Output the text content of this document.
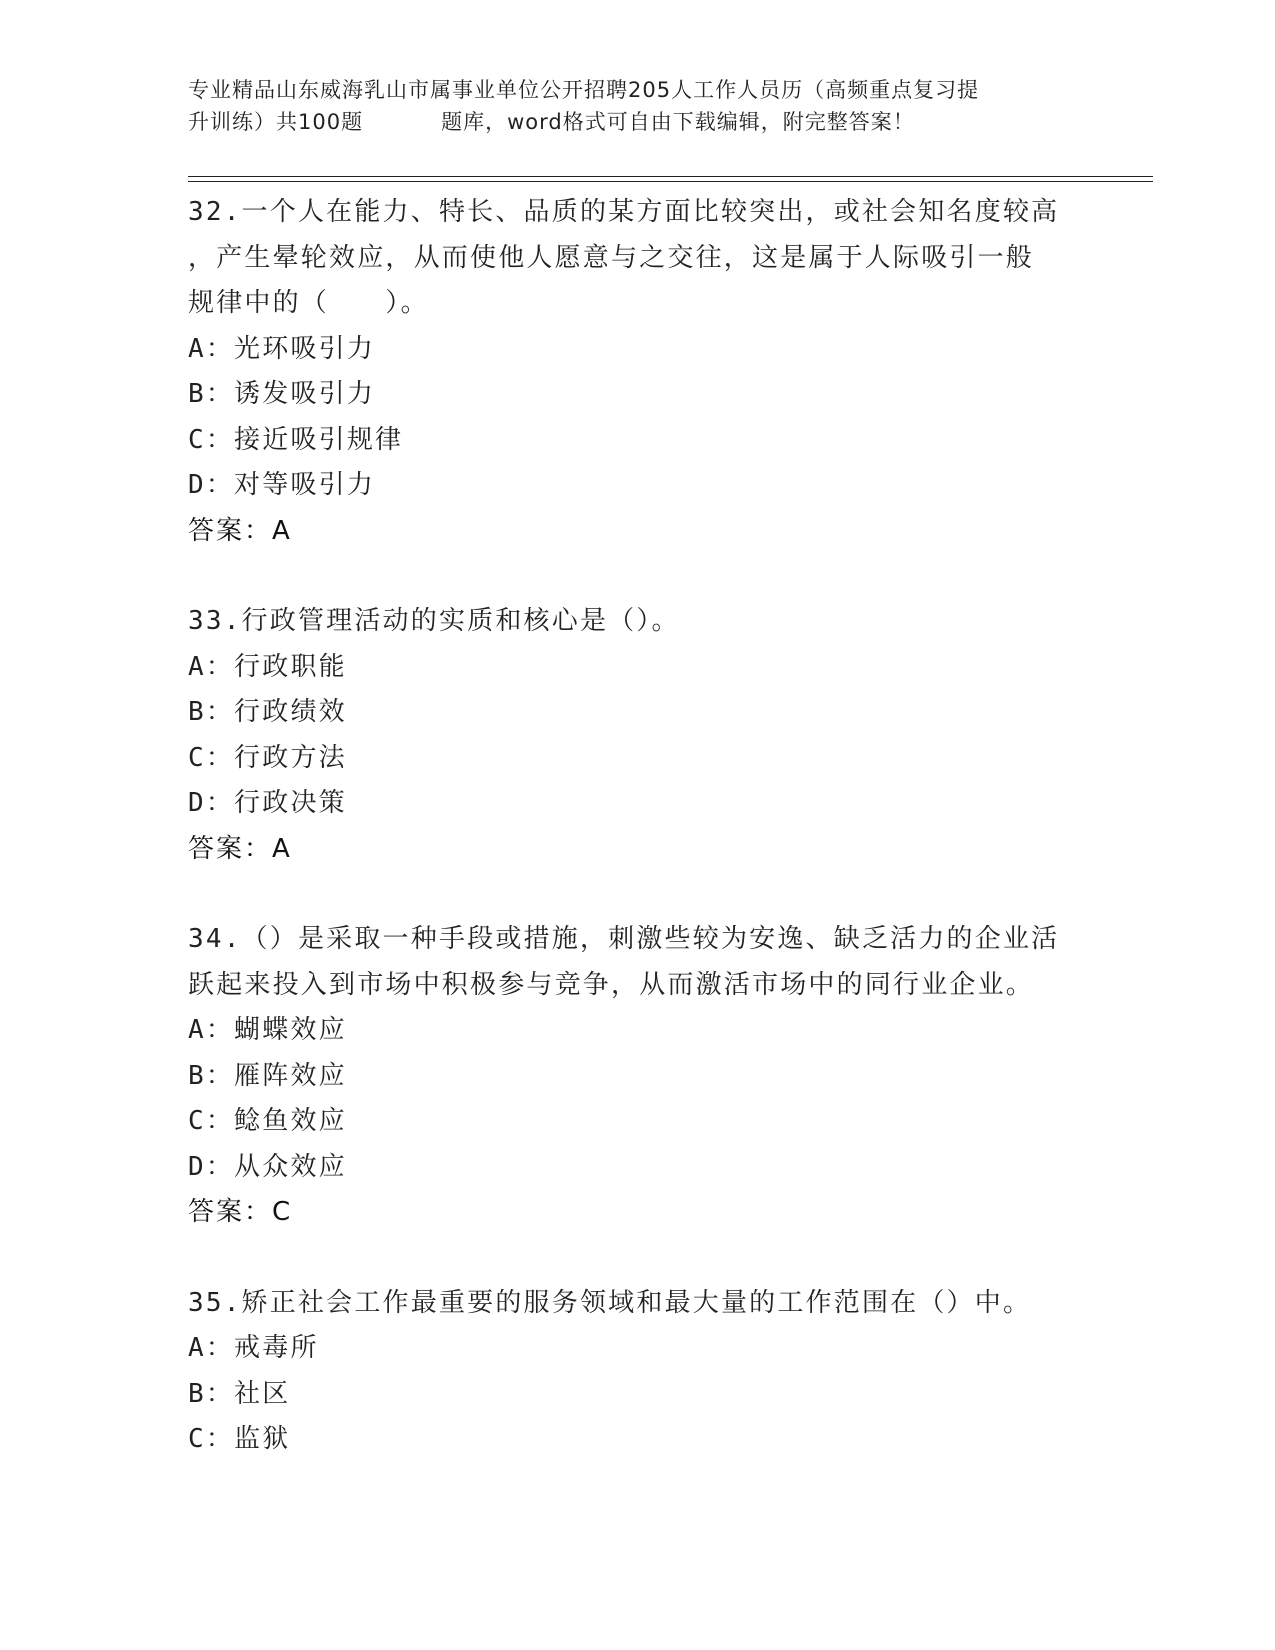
专业精品山东威海乳山市属事业单位公开招聘205人工作人员历（高频重点复习提
升训练）共100题	题库，word格式可自由下载编辑，附完整答案！
32.一个人在能力、特长、品质的某方面比较突出，或社会知名度较高
，产生晕轮效应，从而使他人愿意与之交往，这是属于人际吸引一般
规律中的（　　）。
A：光环吸引力
B：诱发吸引力
C：接近吸引规律
D：对等吸引力
答案：A
33.行政管理活动的实质和核心是（）。
A：行政职能
B：行政绩效
C：行政方法
D：行政决策
答案：A
34.（）是采取一种手段或措施，刺激些较为安逸、缺乏活力的企业活
跃起来投入到市场中积极参与竞争，从而激活市场中的同行业企业。
A：蝴蝶效应
B：雁阵效应
C：鲶鱼效应
D：从众效应
答案：C
35.矫正社会工作最重要的服务领域和最大量的工作范围在（）中。
A：戒毒所
B：社区
C：监狱
